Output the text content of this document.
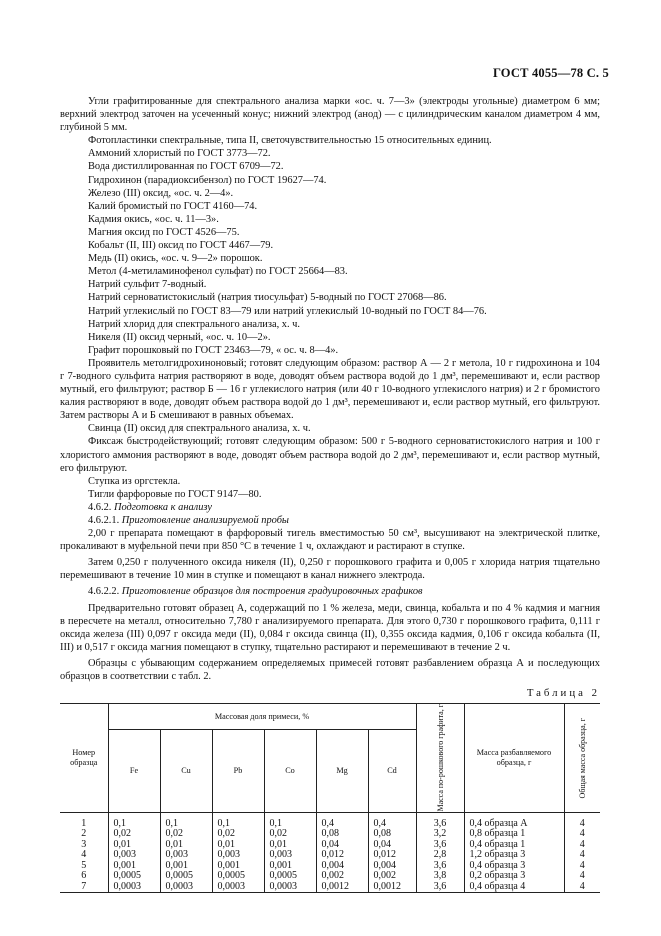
ГОСТ 4055—78 С. 5

Угли графитированные для спектрального анализа марки «ос. ч. 7—3» (электроды угольные) диаметром 6 мм; верхний электрод заточен на усеченный конус; нижний электрод (анод) — с цилиндрическим каналом диаметром 4 мм, глубиной 5 мм.

Фотопластинки спектральные, типа II, светочувствительностью 15 относительных единиц.

Аммоний хлористый по ГОСТ 3773—72.

Вода дистиллированная по ГОСТ 6709—72.

Гидрохинон (парадиоксибензол) по ГОСТ 19627—74.

Железо (III) оксид, «ос. ч. 2—4».

Калий бромистый по ГОСТ 4160—74.

Кадмия окись, «ос. ч. 11—3».

Магния оксид по ГОСТ 4526—75.

Кобальт (II, III) оксид по ГОСТ 4467—79.

Медь (II) окись, «ос. ч. 9—2» порошок.

Метол (4-метиламинофенол сульфат) по ГОСТ 25664—83.

Натрий сульфит 7-водный.

Натрий серноватистокислый (натрия тиосульфат) 5-водный по ГОСТ 27068—86.

Натрий углекислый по ГОСТ 83—79 или натрий углекислый 10-водный по ГОСТ 84—76.

Натрий хлорид для спектрального анализа, х. ч.

Никеля (II) оксид черный, «ос. ч. 10—2».

Графит порошковый по ГОСТ 23463—79, « ос. ч. 8—4».

Проявитель метолгидрохиноновый; готовят следующим образом: раствор А — 2 г метола, 10 г гидрохинона и 104 г 7-водного сульфита натрия растворяют в воде, доводят объем раствора водой до 1 дм³, перемешивают и, если раствор мутный, его фильтруют; раствор Б — 16 г углекислого натрия (или 40 г 10-водного углекислого натрия) и 2 г бромистого калия растворяют в воде, доводят объем раствора водой до 1 дм³, перемешивают и, если раствор мутный, его фильтруют. Затем растворы А и Б смешивают в равных объемах.

Свинца (II) оксид для спектрального анализа, х. ч.

Фиксаж быстродействующий; готовят следующим образом: 500 г 5-водного серноватистокислого натрия и 100 г хлористого аммония растворяют в воде, доводят объем раствора водой до 2 дм³, перемешивают и, если раствор мутный, его фильтруют.

Ступка из оргстекла.

Тигли фарфоровые по ГОСТ 9147—80.

4.6.2. Подготовка к анализу

4.6.2.1. Приготовление анализируемой пробы

2,00 г препарата помещают в фарфоровый тигель вместимостью 50 см³, высушивают на электрической плитке, прокаливают в муфельной печи при 850 °С в течение 1 ч, охлаждают и растирают в ступке.

Затем 0,250 г полученного оксида никеля (II), 0,250 г порошкового графита и 0,005 г хлорида натрия тщательно перемешивают в течение 10 мин в ступке и помещают в канал нижнего электрода.

4.6.2.2. Приготовление образцов для построения градуировочных графиков

Предварительно готовят образец А, содержащий по 1 % железа, меди, свинца, кобальта и по 4 % кадмия и магния в пересчете на металл, относительно 7,780 г анализируемого препарата. Для этого 0,730 г порошкового графита, 0,111 г оксида железа (III) 0,097 г оксида меди (II), 0,084 г оксида свинца (II), 0,355 оксида кадмия, 0,106 г оксида кобальта (II, III) и 0,517 г оксида магния помещают в ступку, тщательно растирают и перемешивают в течение 2 ч.

Образцы с убывающим содержанием определяемых примесей готовят разбавлением образца А и последующих образцов в соответствии с табл. 2.

Таблица 2
Номер образца	Массовая доля примеси, %						Масса по-рошкового графита, г	Масса разбавляемого образца, г	Общая масса образца, г

	Fe	Cu	Pb	Co	Mg	Cd			
1	0,1	0,1	0,1	0,1	0,4	0,4	3,6	0,4 образца А	4
2	0,02	0,02	0,02	0,02	0,08	0,08	3,2	0,8 образца 1	4
3	0,01	0,01	0,01	0,01	0,04	0,04	3,6	0,4 образца 1	4
4	0,003	0,003	0,003	0,003	0,012	0,012	2,8	1,2 образца 3	4
5	0,001	0,001	0,001	0,001	0,004	0,004	3,6	0,4 образца 3	4
6	0,0005	0,0005	0,0005	0,0005	0,002	0,002	3,8	0,2 образца 3	4
7	0,0003	0,0003	0,0003	0,0003	0,0012	0,0012	3,6	0,4 образца 4	4
